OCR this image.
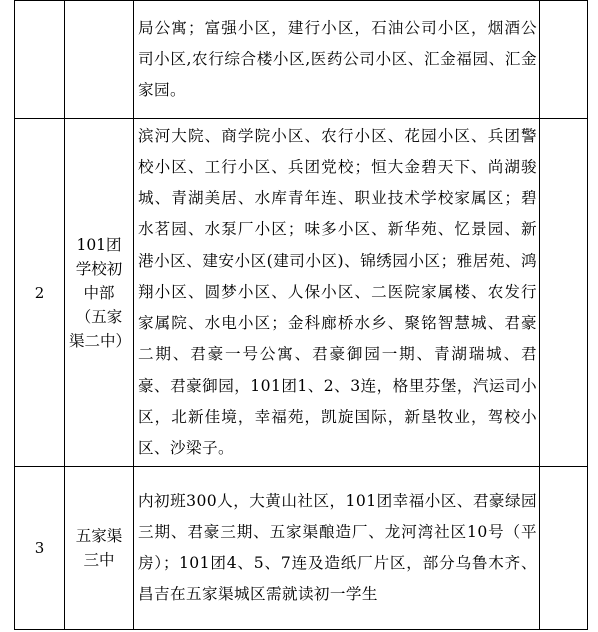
		局公寓；富强小区，建行小区，石油公司小区，烟酒公司小区,农行综合楼小区,医药公司小区、汇金福园、汇金家园。	
2	101团学校初中部（五家渠二中）	滨河大院、商学院小区、农行小区、花园小区、兵团警校小区、工行小区、兵团党校；恒大金碧天下、尚湖骏城、青湖美居、水库青年连、职业技术学校家属区；碧水茗园、水泵厂小区；味多小区、新华苑、忆景园、新港小区、建安小区(建司小区)、锦绣园小区；雅居苑、鸿翔小区、圆梦小区、人保小区、二医院家属楼、农发行家属院、水电小区；金科廊桥水乡、聚铭智慧城、君豪二期、君豪一号公寓、君豪御园一期、青湖瑞城、君豪、君豪御园，101团1、2、3连，格里芬堡，汽运司小区，北新佳境，幸福苑，凯旋国际，新垦牧业，驾校小区、沙梁子。	
3	五家渠三中	内初班300人，大黄山社区，101团幸福小区、君豪绿园三期、君豪三期、五家渠酿造厂、龙河湾社区10号（平房）；101团4、5、7连及造纸厂片区，部分乌鲁木齐、昌吉在五家渠城区需就读初一学生	
